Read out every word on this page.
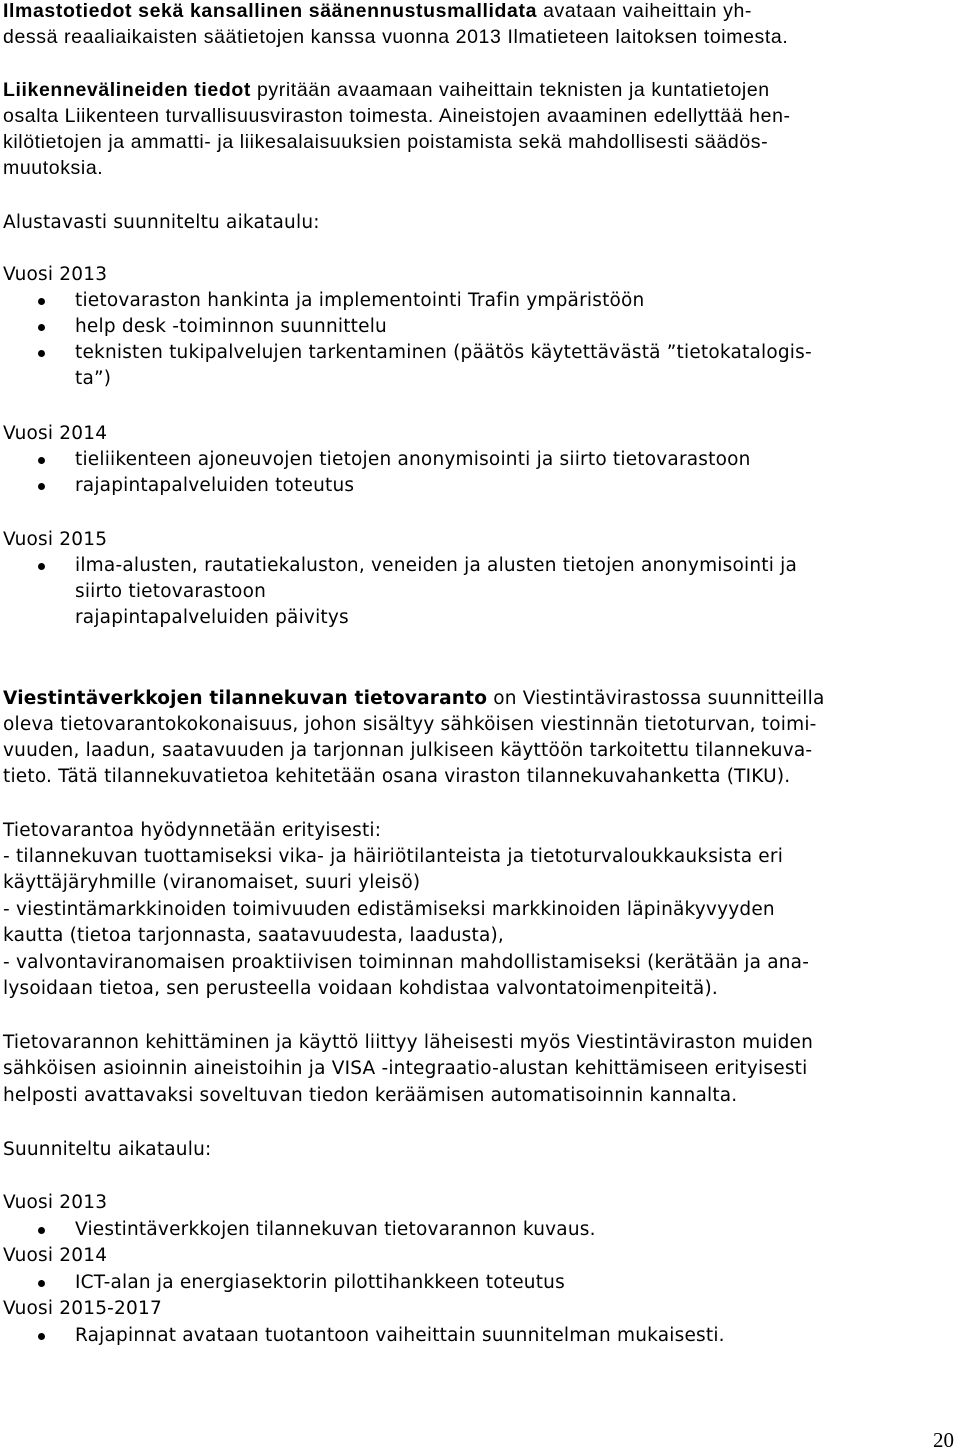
Ilmastotiedot sekä kansallinen säänennustusmallidata avataan vaiheittain yh-
dessä reaaliaikaisten säätietojen kanssa vuonna 2013 Ilmatieteen laitoksen toimesta.
Liikennevälineiden tiedot pyritään avaamaan vaiheittain teknisten ja kuntatietojen
osalta Liikenteen turvallisuusviraston toimesta. Aineistojen avaaminen edellyttää hen-
kilötietojen ja ammatti- ja liikesalaisuuksien poistamista sekä mahdollisesti säädös-
muutoksia.
Alustavasti suunniteltu aikataulu:
Vuosi 2013
tietovaraston hankinta ja implementointi Trafin ympäristöön
help desk -toiminnon suunnittelu
teknisten tukipalvelujen tarkentaminen (päätös käytettävästä ”tietokatalogis-
ta”)
Vuosi 2014
tieliikenteen ajoneuvojen tietojen anonymisointi ja siirto tietovarastoon
rajapintapalveluiden toteutus
Vuosi 2015
ilma-alusten, rautatiekaluston, veneiden ja alusten tietojen anonymisointi ja
siirto tietovarastoon
rajapintapalveluiden päivitys
Viestintäverkkojen tilannekuvan tietovaranto on Viestintävirastossa suunnitteilla
oleva tietovarantokokonaisuus, johon sisältyy sähköisen viestinnän tietoturvan, toimi-
vuuden, laadun, saatavuuden ja tarjonnan julkiseen käyttöön tarkoitettu tilannekuva-
tieto. Tätä tilannekuvatietoa kehitetään osana viraston tilannekuvahanketta (TIKU).
Tietovarantoa hyödynnetään erityisesti:
- tilannekuvan tuottamiseksi vika- ja häiriötilanteista ja tietoturvaloukkauksista eri
käyttäjäryhmille (viranomaiset, suuri yleisö)
- viestintämarkkinoiden toimivuuden edistämiseksi markkinoiden läpinäkyvyyden
kautta (tietoa tarjonnasta, saatavuudesta, laadusta),
- valvontaviranomaisen proaktiivisen toiminnan mahdollistamiseksi (kerätään ja ana-
lysoidaan tietoa, sen perusteella voidaan kohdistaa valvontatoimenpiteitä).
Tietovarannon kehittäminen ja käyttö liittyy läheisesti myös Viestintäviraston muiden
sähköisen asioinnin aineistoihin ja VISA -integraatio-alustan kehittämiseen erityisesti
helposti avattavaksi soveltuvan tiedon keräämisen automatisoinnin kannalta.
Suunniteltu aikataulu:
Vuosi 2013
Viestintäverkkojen tilannekuvan tietovarannon kuvaus.
Vuosi 2014
ICT-alan ja energiasektorin pilottihankkeen toteutus
Vuosi 2015-2017
Rajapinnat avataan tuotantoon vaiheittain suunnitelman mukaisesti.
20
